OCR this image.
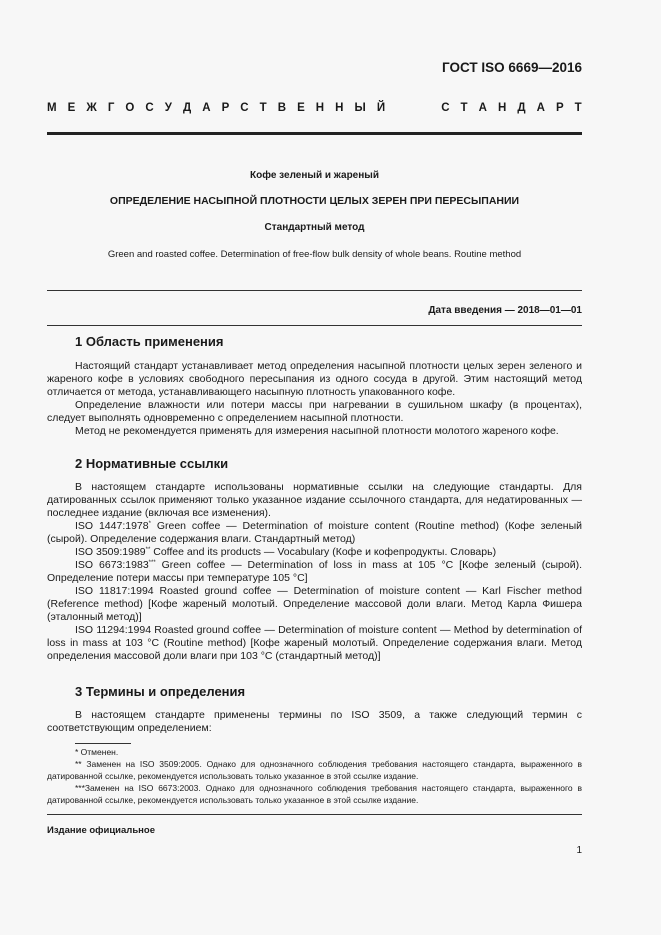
ГОСТ ISO 6669—2016
М Е Ж Г О С У Д А Р С Т В Е Н Н Ы Й	С Т А Н Д А Р Т
Кофе зеленый и жареный
ОПРЕДЕЛЕНИЕ НАСЫПНОЙ ПЛОТНОСТИ ЦЕЛЫХ ЗЕРЕН ПРИ ПЕРЕСЫПАНИИ
Стандартный метод
Green and roasted coffee. Determination of free-flow bulk density of whole beans. Routine method
Дата введения — 2018—01—01
1 Область применения

Настоящий стандарт устанавливает метод определения насыпной плотности целых зерен зеленого и жареного кофе в условиях свободного пересыпания из одного сосуда в другой. Этим настоящий метод отличается от метода, устанавливающего насыпную плотность упакованного кофе.

Определение влажности или потери массы при нагревании в сушильном шкафу (в процентах), следует выполнять одновременно с определением насыпной плотности.

Метод не рекомендуется применять для измерения насыпной плотности молотого жареного кофе.

2 Нормативные ссылки

В настоящем стандарте использованы нормативные ссылки на следующие стандарты. Для датированных ссылок применяют только указанное издание ссылочного стандарта, для недатированных — последнее издание (включая все изменения).

ISO 1447:1978* Green coffee — Determination of moisture content (Routine method) (Кофе зеленый (сырой). Определение содержания влаги. Стандартный метод)

ISO 3509:1989** Coffee and its products — Vocabulary (Кофе и кофепродукты. Словарь)

ISO 6673:1983*** Green coffee — Determination of loss in mass at 105 °C [Кофе зеленый (сырой). Определение потери массы при температуре 105 °C]

ISO 11817:1994 Roasted ground coffee — Determination of moisture content — Karl Fischer method (Reference method) [Кофе жареный молотый. Определение массовой доли влаги. Метод Карла Фишера (эталонный метод)]

ISO 11294:1994 Roasted ground coffee — Determination of moisture content — Method by determination of loss in mass at 103 °C (Routine method) [Кофе жареный молотый. Определение содержания влаги. Метод определения массовой доли влаги при 103 °C (стандартный метод)]

3 Термины и определения

В настоящем стандарте применены термины по ISO 3509, а также следующий термин с соответствующим определением:

* Отменен.

** Заменен на ISO 3509:2005. Однако для однозначного соблюдения требования настоящего стандарта, выраженного в датированной ссылке, рекомендуется использовать только указанное в этой ссылке издание.

***Заменен на ISO 6673:2003. Однако для однозначного соблюдения требования настоящего стандарта, выраженного в датированной ссылке, рекомендуется использовать только указанное в этой ссылке издание.

Издание официальное
1
